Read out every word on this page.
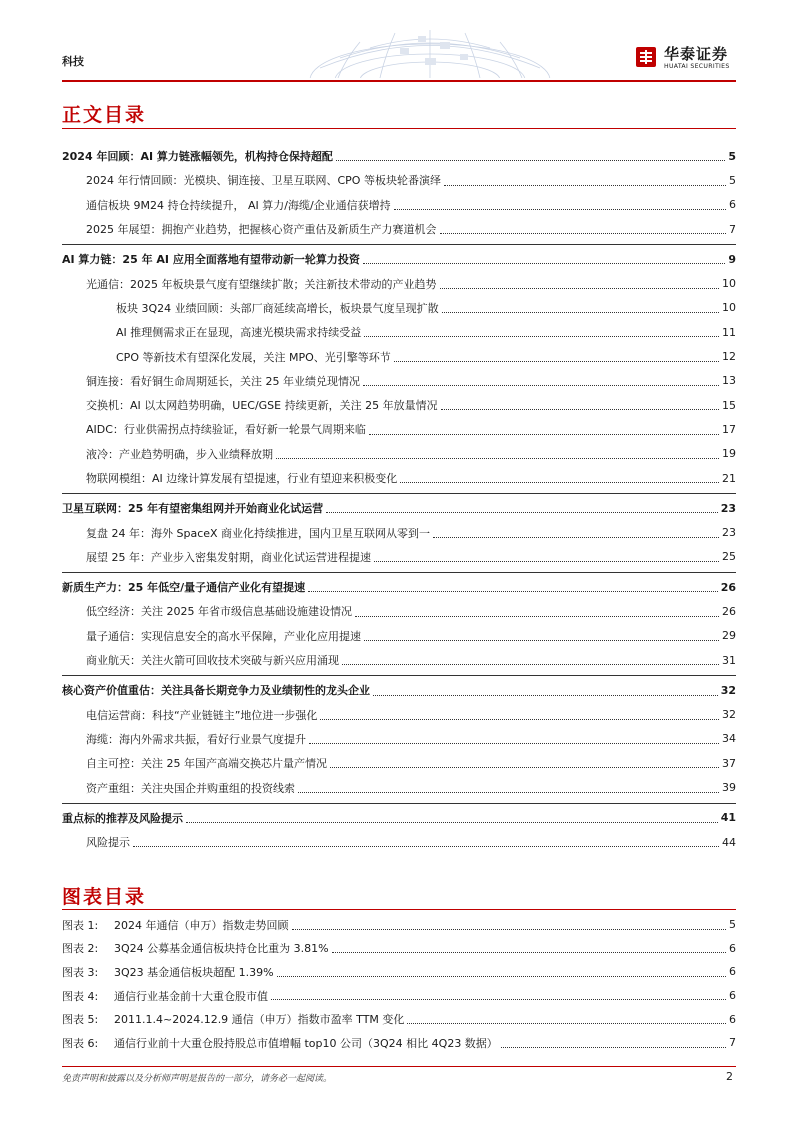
科技	华泰证券
HUATAI SECURITIES
正文目录
2024 年回顾：AI 算力链涨幅领先，机构持仓保持超配	5
2024 年行情回顾：光模块、铜连接、卫星互联网、CPO 等板块轮番演绎	5
通信板块 9M24 持仓持续提升， AI 算力/海缆/企业通信获增持	6
2025 年展望：拥抱产业趋势，把握核心资产重估及新质生产力赛道机会	7
AI 算力链：25 年 AI 应用全面落地有望带动新一轮算力投资	9
光通信：2025 年板块景气度有望继续扩散；关注新技术带动的产业趋势	10
板块 3Q24 业绩回顾：头部厂商延续高增长，板块景气度呈现扩散	10
AI 推理侧需求正在显现，高速光模块需求持续受益	11
CPO 等新技术有望深化发展，关注 MPO、光引擎等环节	12
铜连接：看好铜生命周期延长，关注 25 年业绩兑现情况	13
交换机：AI 以太网趋势明确，UEC/GSE 持续更新，关注 25 年放量情况	15
AIDC：行业供需拐点持续验证，看好新一轮景气周期来临	17
液冷：产业趋势明确，步入业绩释放期	19
物联网模组：AI 边缘计算发展有望提速，行业有望迎来积极变化	21
卫星互联网：25 年有望密集组网并开始商业化试运营	23
复盘 24 年：海外 SpaceX 商业化持续推进，国内卫星互联网从零到一	23
展望 25 年：产业步入密集发射期，商业化试运营进程提速	25
新质生产力：25 年低空/量子通信产业化有望提速	26
低空经济：关注 2025 年省市级信息基础设施建设情况	26
量子通信：实现信息安全的高水平保障，产业化应用提速	29
商业航天：关注火箭可回收技术突破与新兴应用涌现	31
核心资产价值重估：关注具备长期竞争力及业绩韧性的龙头企业	32
电信运营商：科技“产业链链主”地位进一步强化	32
海缆：海内外需求共振，看好行业景气度提升	34
自主可控：关注 25 年国产高端交换芯片量产情况	37
资产重组：关注央国企并购重组的投资线索	39
重点标的推荐及风险提示	41
风险提示	44
图表目录
图表 1:	2024 年通信（申万）指数走势回顾	5
图表 2:	3Q24 公募基金通信板块持仓比重为 3.81%	6
图表 3:	3Q23 基金通信板块超配 1.39%	6
图表 4:	通信行业基金前十大重仓股市值	6
图表 5:	2011.1.4~2024.12.9 通信（申万）指数市盈率 TTM 变化	6
图表 6:	通信行业前十大重仓股持股总市值增幅 top10 公司（3Q24 相比 4Q23 数据）	7
免责声明和披露以及分析师声明是报告的一部分，请务必一起阅读。	2
